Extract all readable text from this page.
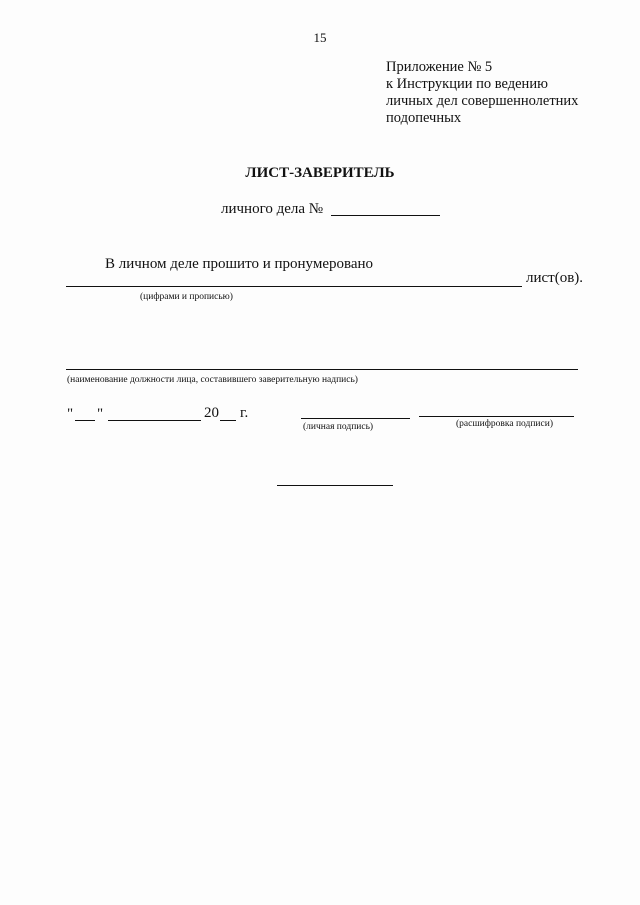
15
Приложение № 5
к Инструкции по ведению
личных дел совершеннолетних
подопечных
ЛИСТ-ЗАВЕРИТЕЛЬ
личного дела №
В личном деле прошито и пронумеровано
лист(ов).
(цифрами и прописью)
(наименование должности лица, составившего заверительную надпись)
" "	20 г.
(личная подпись)	(расшифровка подписи)
